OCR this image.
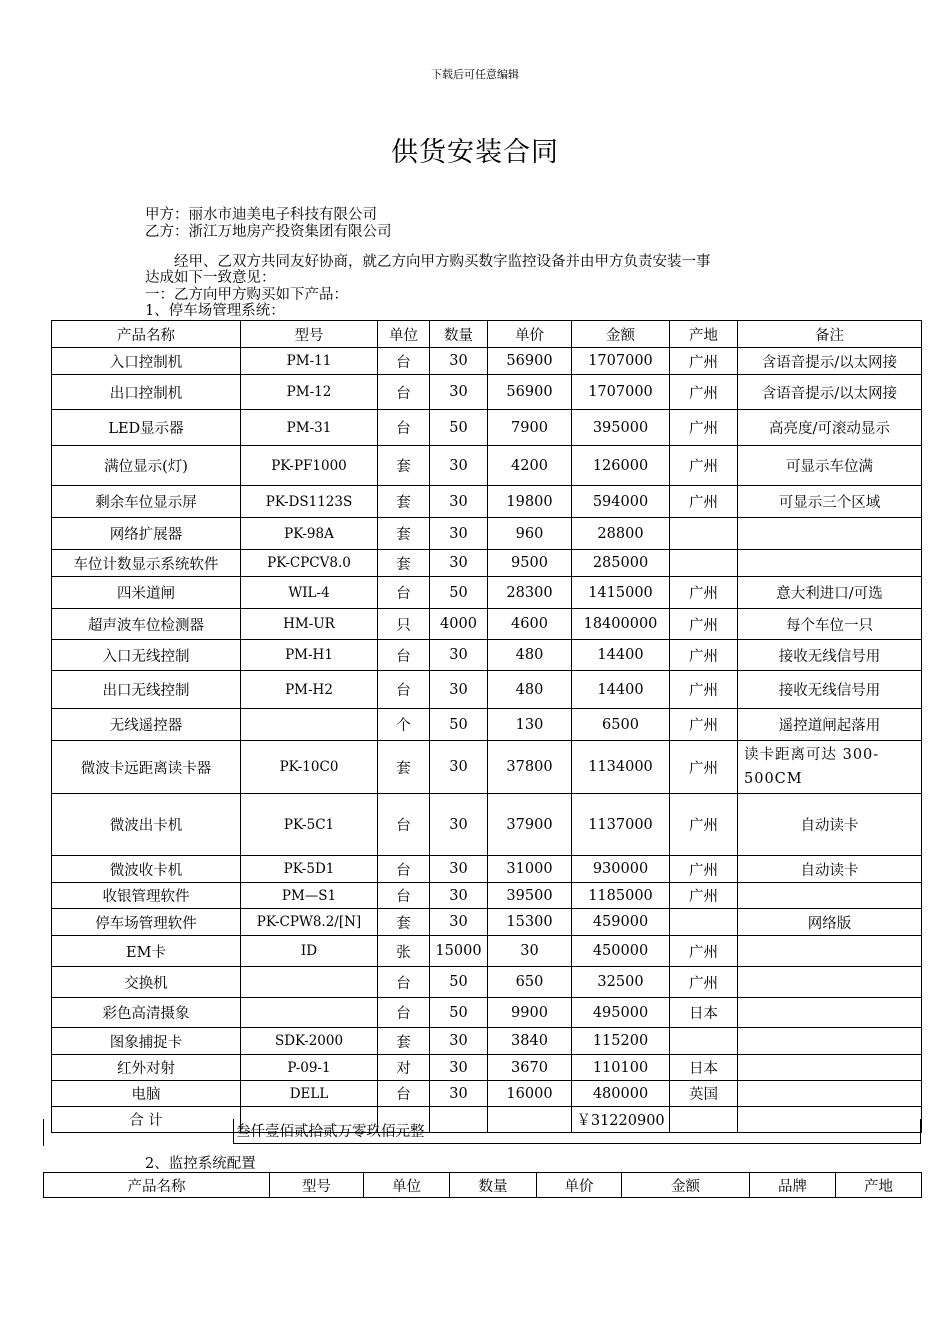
下载后可任意编辑
供货安装合同
甲方：丽水市迪美电子科技有限公司
乙方：浙江万地房产投资集团有限公司
　　经甲、乙双方共同友好协商，就乙方向甲方购买数字监控设备并由甲方负责安装一事
达成如下一致意见：
一：乙方向甲方购买如下产品：
1、停车场管理系统：
产品名称	型号	单位	数量	单价	金额	产地	备注
入口控制机	PM-11	台	30	56900	1707000	广州	含语音提示/以太网接
出口控制机	PM-12	台	30	56900	1707000	广州	含语音提示/以太网接
LED显示器	PM-31	台	50	7900	395000	广州	高亮度/可滚动显示
满位显示(灯)	PK-PF1000	套	30	4200	126000	广州	可显示车位满
剩余车位显示屏	PK-DS1123S	套	30	19800	594000	广州	可显示三个区域
网络扩展器	PK-98A	套	30	960	28800		
车位计数显示系统软件	PK-CPCV8.0	套	30	9500	285000		
四米道闸	WIL-4	台	50	28300	1415000	广州	意大利进口/可选
超声波车位检测器	HM-UR	只	4000	4600	18400000	广州	每个车位一只
入口无线控制	PM-H1	台	30	480	14400	广州	接收无线信号用
出口无线控制	PM-H2	台	30	480	14400	广州	接收无线信号用
无线遥控器		个	50	130	6500	广州	遥控道闸起落用
微波卡远距离读卡器	PK-10C0	套	30	37800	1134000	广州	读卡距离可达 300-500CM
微波出卡机	PK-5C1	台	30	37900	1137000	广州	自动读卡
微波收卡机	PK-5D1	台	30	31000	930000	广州	自动读卡
收银管理软件	PM—S1	台	30	39500	1185000	广州	
停车场管理软件	PK-CPW8.2/[N]	套	30	15300	459000		网络版
EM卡	ID	张	15000	30	450000	广州	
交换机		台	50	650	32500	广州	
彩色高清摄象		台	50	9900	495000	日本	
图象捕捉卡	SDK-2000	套	30	3840	115200		
红外对射	P-09-1	对	30	3670	110100	日本	
电脑	DELL	台	30	16000	480000	英国	
合 计					￥31220900		
叁仟壹佰贰拾贰万零玖佰元整
2、监控系统配置
产品名称	型号	单位	数量	单价	金额	品牌	产地
